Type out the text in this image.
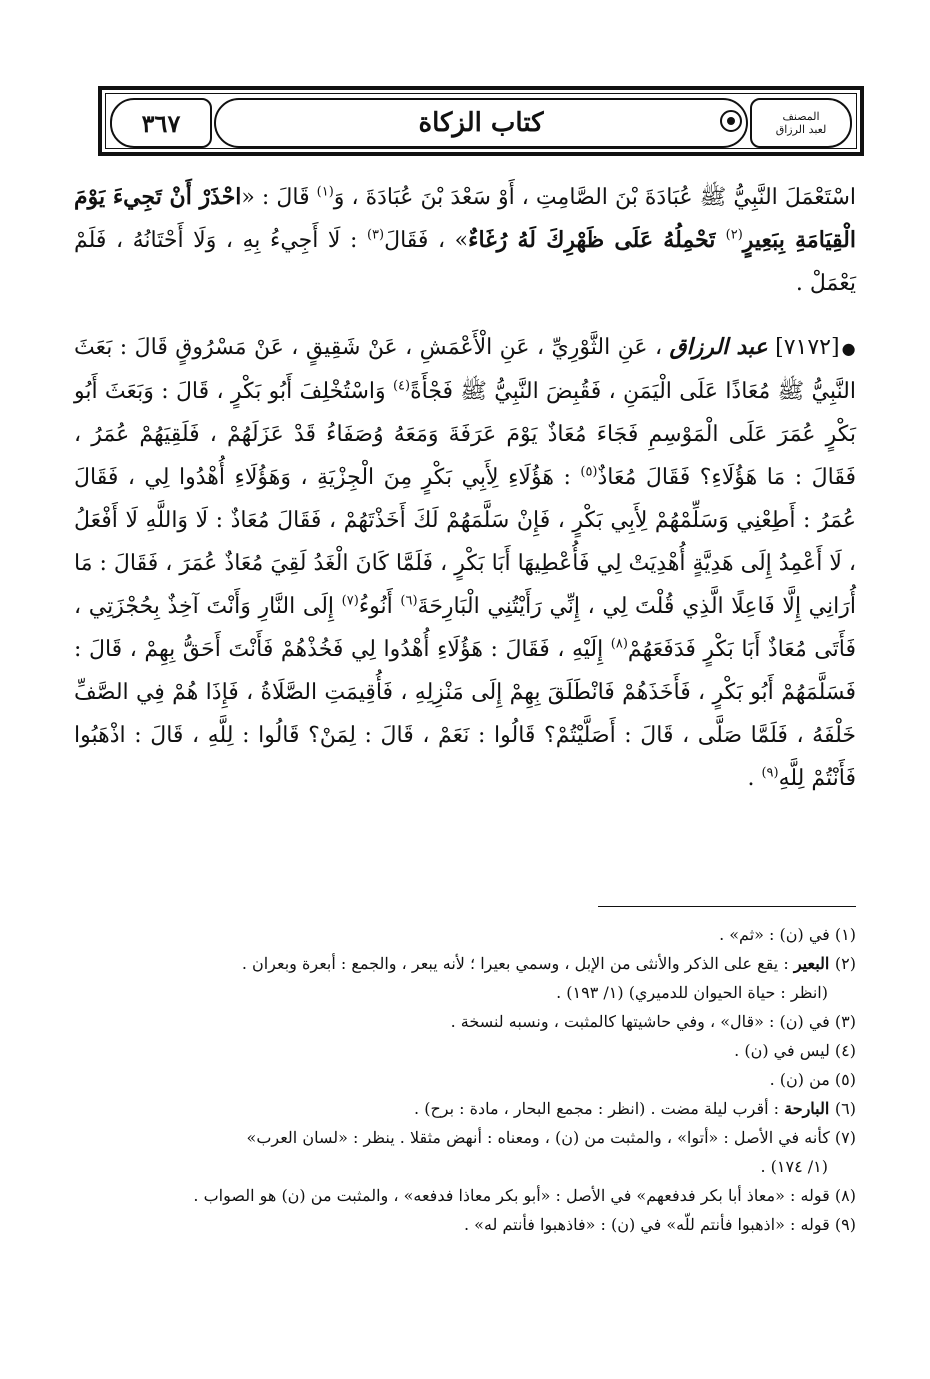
٣٦٧	كتاب الزكاة	المصنف
لعبد الرزاق
اسْتَعْمَلَ النَّبِيُّ ﷺ عُبَادَةَ بْنَ الصَّامِتِ ، أَوْ سَعْدَ بْنَ عُبَادَةَ ، وَ$^{(١)}$ قَالَ : «احْذَرْ أَنْ تَجِيءَ يَوْمَ الْقِيَامَةِ بِبَعِيرٍ$^{(٢)}$ تَحْمِلُهُ عَلَى ظَهْرِكَ لَهُ رُغَاءٌ» ، فَقَالَ$^{(٣)}$ : لَا أَجِيءُ بِهِ ، وَلَا أَحْتَانُهُ ، فَلَمْ يَعْمَلْ .
●[٧١٧٢] عبد الرزاق ، عَنِ الثَّوْرِيِّ ، عَنِ الْأَعْمَشِ ، عَنْ شَقِيقٍ ، عَنْ مَسْرُوقٍ قَالَ : بَعَثَ النَّبِيُّ ﷺ مُعَاذًا عَلَى الْيَمَنِ ، فَقُبِضَ النَّبِيُّ ﷺ فَجْأَةً$^{(٤)}$ وَاسْتُخْلِفَ أَبُو بَكْرٍ ، قَالَ : وَبَعَثَ أَبُو بَكْرٍ عُمَرَ عَلَى الْمَوْسِمِ فَجَاءَ مُعَاذٌ يَوْمَ عَرَفَةَ وَمَعَهُ وُصَفَاءُ قَدْ عَزَلَهُمْ ، فَلَقِيَهُمْ عُمَرُ ، فَقَالَ : مَا هَؤُلَاءِ؟ فَقَالَ مُعَاذٌ$^{(٥)}$ : هَؤُلَاءِ لِأَبِي بَكْرٍ مِنَ الْجِزْيَةِ ، وَهَؤُلَاءِ أُهْدُوا لِي ، فَقَالَ عُمَرُ : أَطِعْنِي وَسَلِّمْهُمْ لِأَبِي بَكْرٍ ، فَإِنْ سَلَّمَهُمْ لَكَ أَخَذْتَهُمْ ، فَقَالَ مُعَاذٌ : لَا وَاللَّهِ لَا أَفْعَلُ ، لَا أَعْمِدُ إِلَى هَدِيَّةٍ أُهْدِيَتْ لِي فَأُعْطِيهَا أَبَا بَكْرٍ ، فَلَمَّا كَانَ الْغَدُ لَقِيَ مُعَاذٌ عُمَرَ ، فَقَالَ : مَا أُرَانِي إِلَّا فَاعِلًا الَّذِي قُلْتَ لِي ، إِنِّي رَأَيْتُنِي الْبَارِحَةَ$^{(٦)}$ أَنُوءُ$^{(٧)}$ إِلَى النَّارِ وَأَنْتَ آخِذٌ بِحُجْزَتِي ، فَأَتَى مُعَاذٌ أَبَا بَكْرٍ فَدَفَعَهُمْ$^{(٨)}$ إِلَيْهِ ، فَقَالَ : هَؤُلَاءِ أُهْدُوا لِي فَخُذْهُمْ فَأَنْتَ أَحَقُّ بِهِمْ ، قَالَ : فَسَلَّمَهُمْ أَبُو بَكْرٍ ، فَأَخَذَهُمْ فَانْطَلَقَ بِهِمْ إِلَى مَنْزِلِهِ ، فَأُقِيمَتِ الصَّلَاةُ ، فَإِذَا هُمْ فِي الصَّفِّ خَلْفَهُ ، فَلَمَّا صَلَّى ، قَالَ : أَصَلَّيْتُمْ؟ قَالُوا : نَعَمْ ، قَالَ : لِمَنْ؟ قَالُوا : لِلَّهِ ، قَالَ : اذْهَبُوا فَأَنْتُمْ لِلَّهِ$^{(٩)}$ .

(١) في (ن) : «ثم» .

(٢) البعير : يقع على الذكر والأنثى من الإبل ، وسمي بعيرا ؛ لأنه يبعر ، والجمع : أبعرة وبعران .

(انظر : حياة الحيوان للدميري) (١/ ١٩٣) .

(٣) في (ن) : «قال» ، وفي حاشيتها كالمثبت ، ونسبه لنسخة .

(٤) ليس في (ن) .

(٥) من (ن) .

(٦) البارحة : أقرب ليلة مضت . (انظر : مجمع البحار ، مادة : برح) .

(٧) كأنه في الأصل : «أتوا» ، والمثبت من (ن) ، ومعناه : أنهض مثقلا . ينظر : «لسان العرب»

(١/ ١٧٤) .

(٨) قوله : «معاذ أبا بكر فدفعهم» في الأصل : «أبو بكر معاذا فدفعه» ، والمثبت من (ن) هو الصواب .

(٩) قوله : «اذهبوا فأنتم للّه» في (ن) : «فاذهبوا فأنتم له» .
